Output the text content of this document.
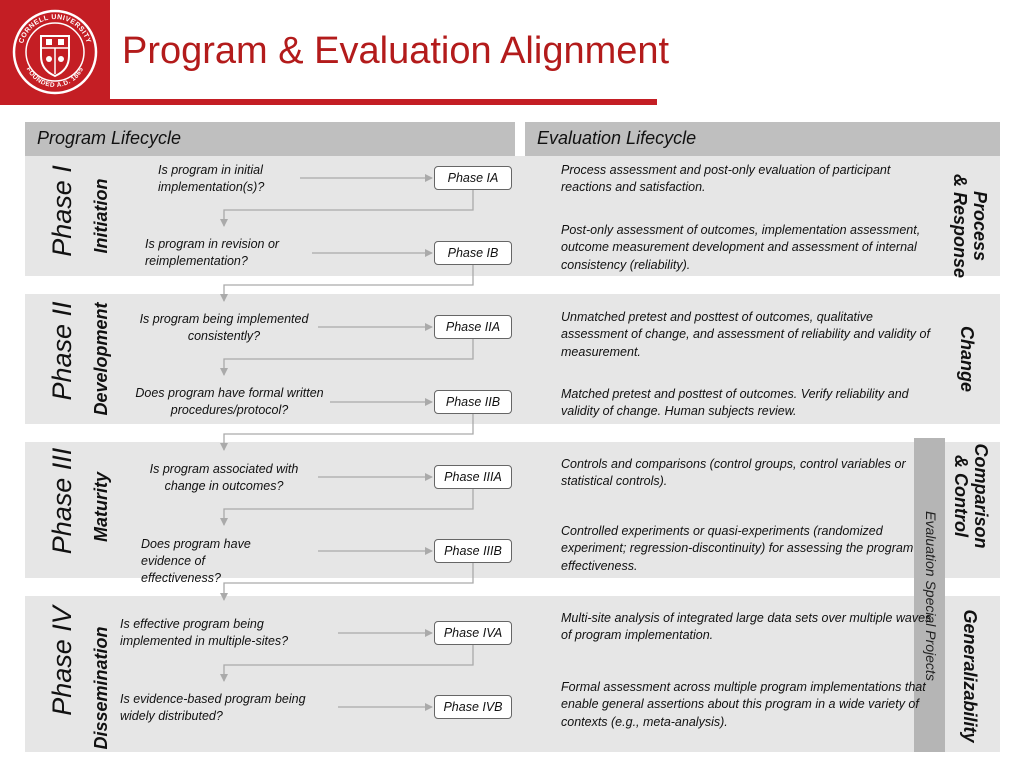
CORNELL UNIVERSITY
FOUNDED A.D. 1865 Program & Evaluation Alignment
Program Lifecycle	Evaluation Lifecycle
Evaluation Special Projects
Phase I Initiation	Process
& Response
Is program in initial implementation(s)?
Phase IA
Process assessment and post-only evaluation of participant reactions and satisfaction.
Is program in revision or reimplementation?
Phase IB
Post-only assessment of outcomes, implementation assessment, outcome measurement development and assessment of internal consistency (reliability).
Phase II Development	Change
Is program being implemented consistently?
Phase IIA
Unmatched pretest and posttest of outcomes, qualitative assessment of change, and assessment of reliability and validity of measurement.
Does program have formal written procedures/protocol?
Phase IIB
Matched pretest and posttest of outcomes. Verify reliability and validity of change. Human subjects review.
Phase III Maturity	Comparison
& Control
Is program associated with change in outcomes?
Phase IIIA
Controls and comparisons (control groups, control variables or statistical controls).
Does program have evidence of effectiveness?
Phase IIIB
Controlled experiments or quasi-experiments (randomized experiment; regression-discontinuity) for assessing the program effectiveness.
Phase IV Dissemination	Generalizability
Is effective program being implemented in multiple-sites?
Phase IVA
Multi-site analysis of integrated large data sets over multiple waves of program implementation.
Is evidence-based program being widely distributed?
Phase IVB
Formal assessment across multiple program implementations that enable general assertions about this program in a wide variety of contexts (e.g., meta-analysis).
